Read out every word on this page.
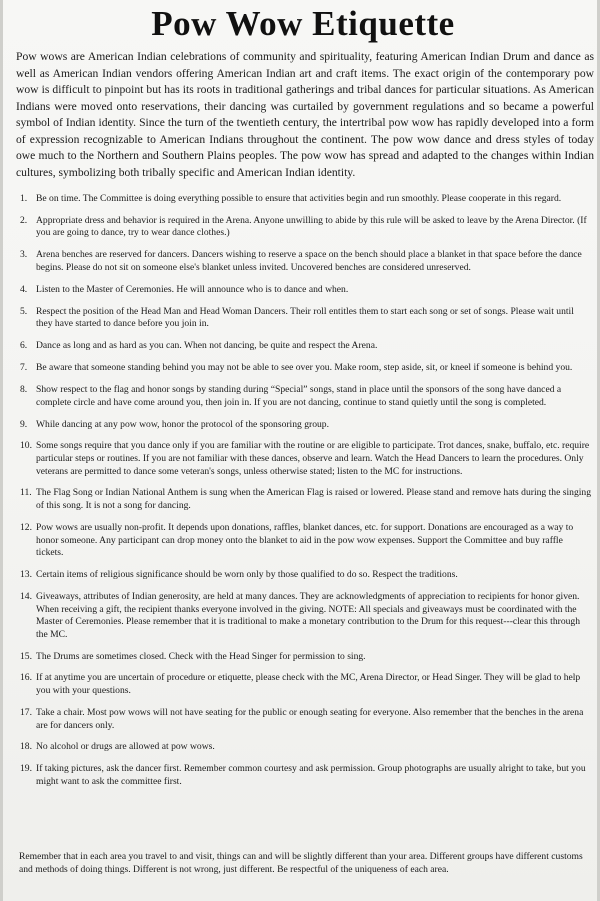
Pow Wow Etiquette
Pow wows are American Indian celebrations of community and spirituality, featuring American Indian Drum and dance as well as American Indian vendors offering American Indian art and craft items. The exact origin of the contemporary pow wow is difficult to pinpoint but has its roots in traditional gatherings and tribal dances for particular situations. As American Indians were moved onto reservations, their dancing was curtailed by government regulations and so became a powerful symbol of Indian identity. Since the turn of the twentieth century, the intertribal pow wow has rapidly developed into a form of expression recognizable to American Indians throughout the continent. The pow wow dance and dress styles of today owe much to the Northern and Southern Plains peoples. The pow wow has spread and adapted to the changes within Indian cultures, symbolizing both tribally specific and American Indian identity.
1. Be on time. The Committee is doing everything possible to ensure that activities begin and run smoothly. Please cooperate in this regard.
2. Appropriate dress and behavior is required in the Arena. Anyone unwilling to abide by this rule will be asked to leave by the Arena Director. (If you are going to dance, try to wear dance clothes.)
3. Arena benches are reserved for dancers. Dancers wishing to reserve a space on the bench should place a blanket in that space before the dance begins. Please do not sit on someone else's blanket unless invited. Uncovered benches are considered unreserved.
4. Listen to the Master of Ceremonies. He will announce who is to dance and when.
5. Respect the position of the Head Man and Head Woman Dancers. Their roll entitles them to start each song or set of songs. Please wait until they have started to dance before you join in.
6. Dance as long and as hard as you can. When not dancing, be quite and respect the Arena.
7. Be aware that someone standing behind you may not be able to see over you. Make room, step aside, sit, or kneel if someone is behind you.
8. Show respect to the flag and honor songs by standing during “Special” songs, stand in place until the sponsors of the song have danced a complete circle and have come around you, then join in. If you are not dancing, continue to stand quietly until the song is completed.
9. While dancing at any pow wow, honor the protocol of the sponsoring group.
10. Some songs require that you dance only if you are familiar with the routine or are eligible to participate. Trot dances, snake, buffalo, etc. require particular steps or routines. If you are not familiar with these dances, observe and learn. Watch the Head Dancers to learn the procedures. Only veterans are permitted to dance some veteran's songs, unless otherwise stated; listen to the MC for instructions.
11. The Flag Song or Indian National Anthem is sung when the American Flag is raised or lowered. Please stand and remove hats during the singing of this song. It is not a song for dancing.
12. Pow wows are usually non-profit. It depends upon donations, raffles, blanket dances, etc. for support. Donations are encouraged as a way to honor someone. Any participant can drop money onto the blanket to aid in the pow wow expenses. Support the Committee and buy raffle tickets.
13. Certain items of religious significance should be worn only by those qualified to do so. Respect the traditions.
14. Giveaways, attributes of Indian generosity, are held at many dances. They are acknowledgments of appreciation to recipients for honor given. When receiving a gift, the recipient thanks everyone involved in the giving. NOTE: All specials and giveaways must be coordinated with the Master of Ceremonies. Please remember that it is traditional to make a monetary contribution to the Drum for this request---clear this through the MC.
15. The Drums are sometimes closed. Check with the Head Singer for permission to sing.
16. If at anytime you are uncertain of procedure or etiquette, please check with the MC, Arena Director, or Head Singer. They will be glad to help you with your questions.
17. Take a chair. Most pow wows will not have seating for the public or enough seating for everyone. Also remember that the benches in the arena are for dancers only.
18. No alcohol or drugs are allowed at pow wows.
19. If taking pictures, ask the dancer first. Remember common courtesy and ask permission. Group photographs are usually alright to take, but you might want to ask the committee first.
Remember that in each area you travel to and visit, things can and will be slightly different than your area. Different groups have different customs and methods of doing things. Different is not wrong, just different. Be respectful of the uniqueness of each area.
